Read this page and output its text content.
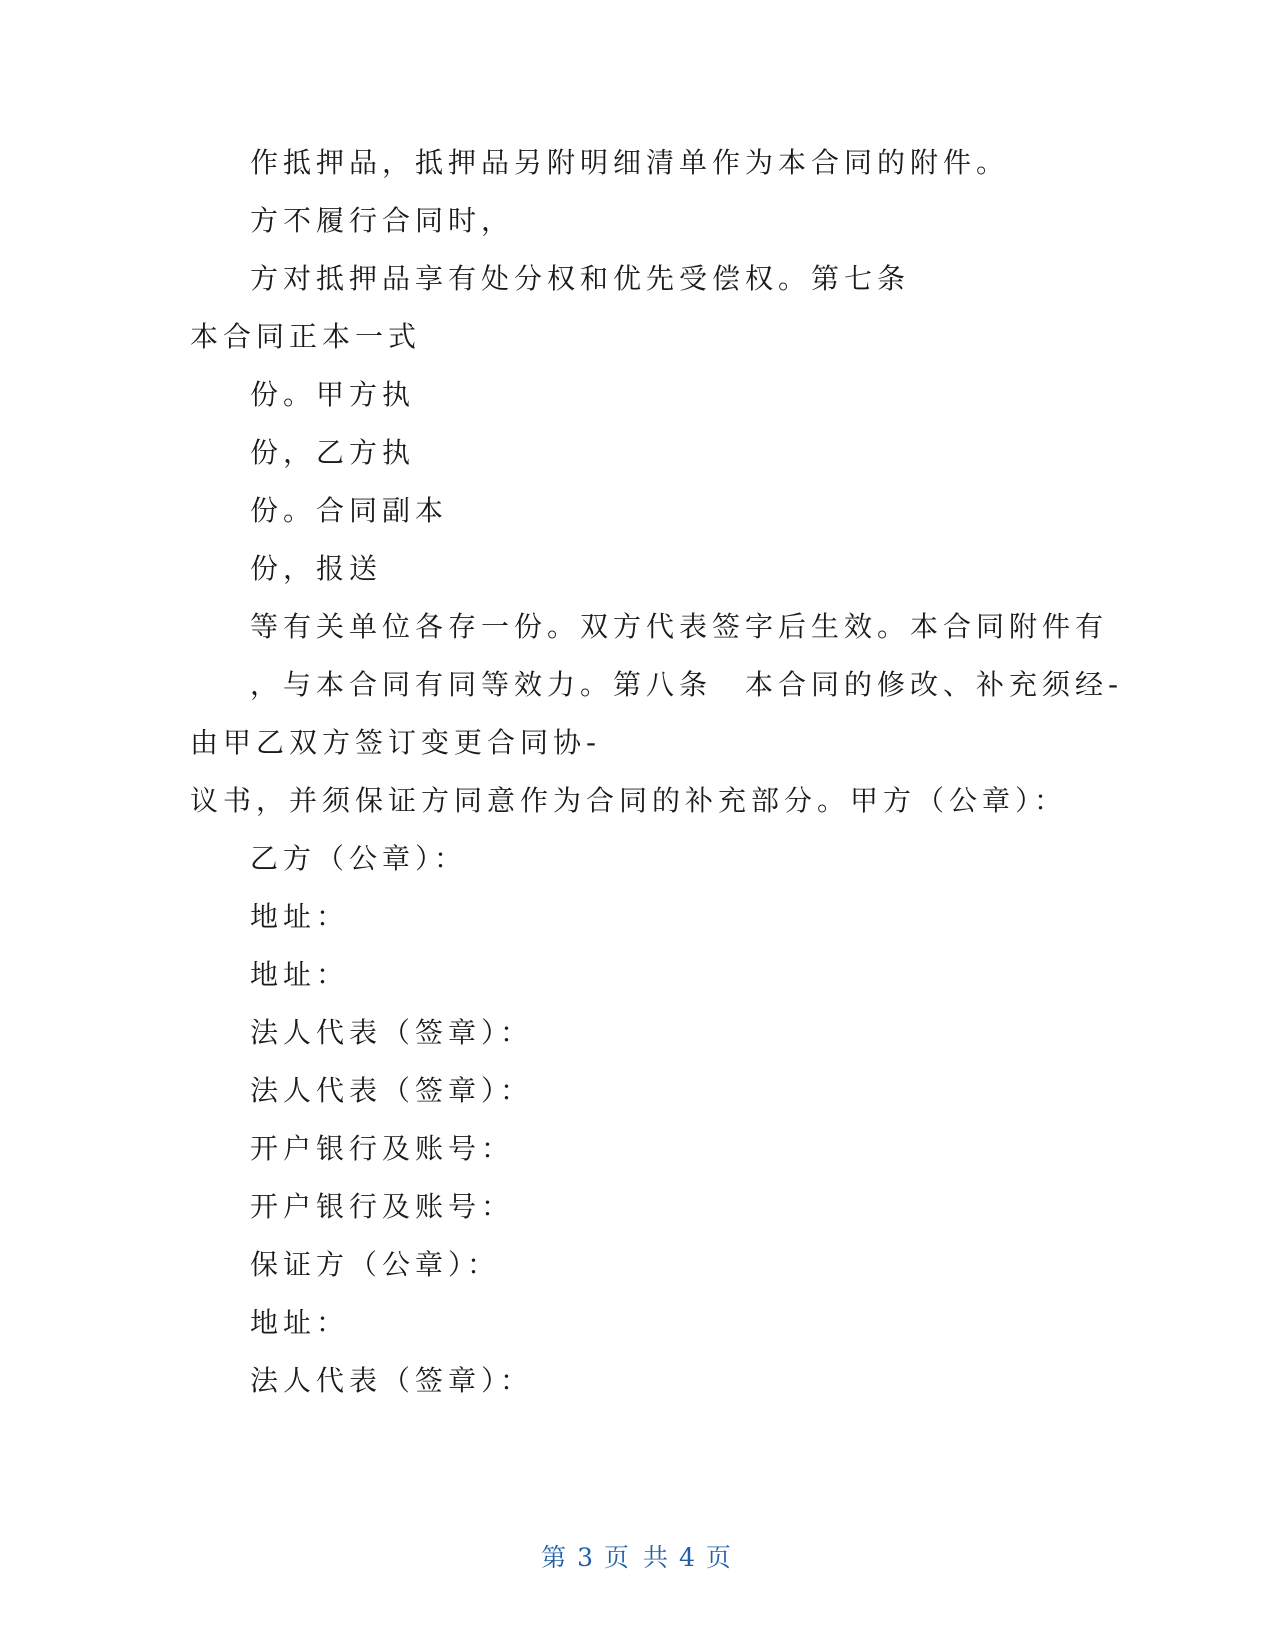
作抵押品，抵押品另附明细清单作为本合同的附件。
方不履行合同时，
方对抵押品享有处分权和优先受偿权。第七条
本合同正本一式
份。甲方执
份，乙方执
份。合同副本
份，报送
等有关单位各存一份。双方代表签字后生效。本合同附件有
，与本合同有同等效力。第八条　本合同的修改、补充须经-
由甲乙双方签订变更合同协-
议书，并须保证方同意作为合同的补充部分。甲方（公章）：
乙方（公章）：
地址：
地址：
法人代表（签章）：
法人代表（签章）：
开户银行及账号：
开户银行及账号：
保证方（公章）：
地址：
法人代表（签章）：
第 3 页 共 4 页
